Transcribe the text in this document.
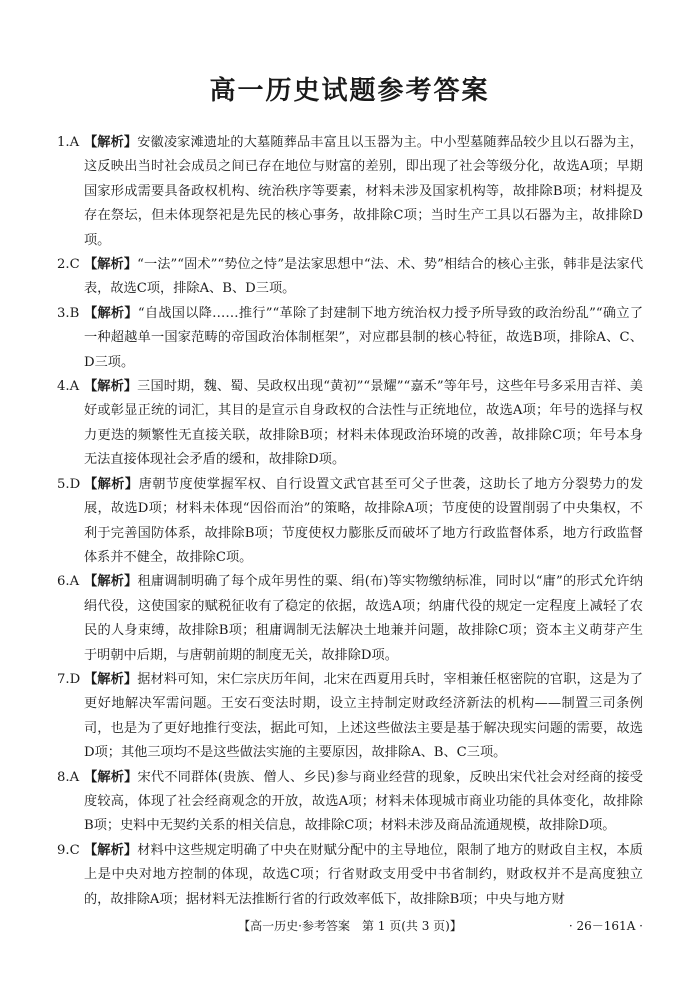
高一历史试题参考答案
1.A 【解析】安徽凌家滩遗址的大墓随葬品丰富且以玉器为主。中小型墓随葬品较少且以石器为主，这反映出当时社会成员之间已存在地位与财富的差别，即出现了社会等级分化，故选A项；早期国家形成需要具备政权机构、统治秩序等要素，材料未涉及国家机构等，故排除B项；材料提及存在祭坛，但未体现祭祀是先民的核心事务，故排除C项；当时生产工具以石器为主，故排除D项。
2.C 【解析】“一法”“固术”“势位之恃”是法家思想中“法、术、势”相结合的核心主张，韩非是法家代表，故选C项，排除A、B、D三项。
3.B 【解析】“自战国以降……推行”“革除了封建制下地方统治权力授予所导致的政治纷乱”“确立了一种超越单一国家范畴的帝国政治体制框架”，对应郡县制的核心特征，故选B项，排除A、C、D三项。
4.A 【解析】三国时期，魏、蜀、吴政权出现“黄初”“景耀”“嘉禾”等年号，这些年号多采用吉祥、美好或彰显正统的词汇，其目的是宣示自身政权的合法性与正统地位，故选A项；年号的选择与权力更迭的频繁性无直接关联，故排除B项；材料未体现政治环境的改善，故排除C项；年号本身无法直接体现社会矛盾的缓和，故排除D项。
5.D 【解析】唐朝节度使掌握军权、自行设置文武官甚至可父子世袭，这助长了地方分裂势力的发展，故选D项；材料未体现“因俗而治”的策略，故排除A项；节度使的设置削弱了中央集权，不利于完善国防体系，故排除B项；节度使权力膨胀反而破坏了地方行政监督体系，地方行政监督体系并不健全，故排除C项。
6.A 【解析】租庸调制明确了每个成年男性的粟、绢(布)等实物缴纳标准，同时以“庸”的形式允许纳绢代役，这使国家的赋税征收有了稳定的依据，故选A项；纳庸代役的规定一定程度上减轻了农民的人身束缚，故排除B项；租庸调制无法解决土地兼并问题，故排除C项；资本主义萌芽产生于明朝中后期，与唐朝前期的制度无关，故排除D项。
7.D 【解析】据材料可知，宋仁宗庆历年间，北宋在西夏用兵时，宰相兼任枢密院的官职，这是为了更好地解决军需问题。王安石变法时期，设立主持制定财政经济新法的机构——制置三司条例司，也是为了更好地推行变法，据此可知，上述这些做法主要是基于解决现实问题的需要，故选D项；其他三项均不是这些做法实施的主要原因，故排除A、B、C三项。
8.A 【解析】宋代不同群体(贵族、僧人、乡民)参与商业经营的现象，反映出宋代社会对经商的接受度较高，体现了社会经商观念的开放，故选A项；材料未体现城市商业功能的具体变化，故排除B项；史料中无契约关系的相关信息，故排除C项；材料未涉及商品流通规模，故排除D项。
9.C 【解析】材料中这些规定明确了中央在财赋分配中的主导地位，限制了地方的财政自主权，本质上是中央对地方控制的体现，故选C项；行省财政支用受中书省制约，财政权并不是高度独立的，故排除A项；据材料无法推断行省的行政效率低下，故排除B项；中央与地方财
【高一历史·参考答案　第 1 页(共 3 页)】	· 26－161A ·
